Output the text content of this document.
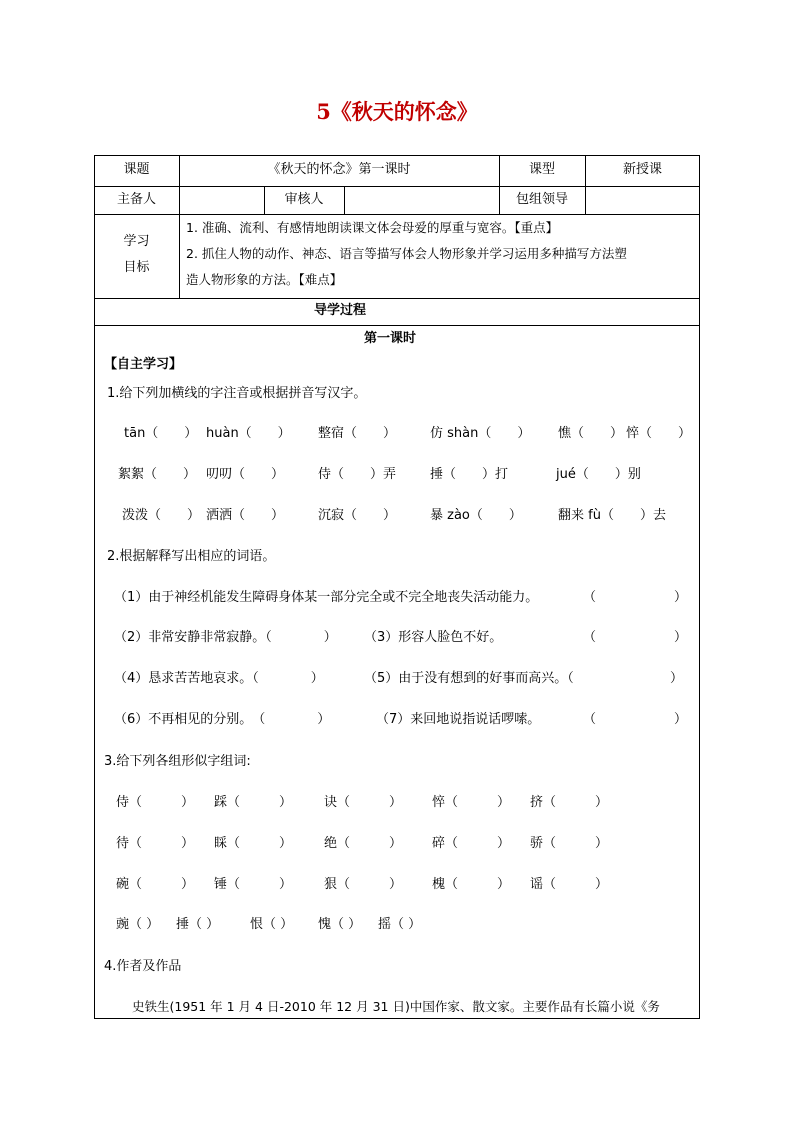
5《秋天的怀念》
课题	《秋天的怀念》第一课时	课型	新授课
主备人	审核人	包组领导
学习
目标
1. 准确、流利、有感情地朗读课文体会母爱的厚重与宽容。【重点】
2. 抓住人物的动作、神态、语言等描写体会人物形象并学习运用多种描写方法塑
造人物形象的方法。【难点】
导学过程
第一课时
【自主学习】
1.给下列加横线的字注音或根据拼音写汉字。
tān（　　） huàn（　　） 整宿（　　）	仿 shàn（　　） 憔（　　） 悴（　　）
絮絮（　　） 叨叨（　　）	侍（　　）弄	捶（　　）打	jué（　　）别
泼泼（　　） 洒洒（　　）	沉寂（　　）	暴 zào（　　）	翻来 fù（　　）去
2.根据解释写出相应的词语。
（1）由于神经机能发生障碍身体某一部分完全或不完全地丧失活动能力。	（　　　　　　）
（2）非常安静非常寂静。（　　　　） （3）形容人脸色不好。	（　　　　　　）
（4）恳求苦苦地哀求。（　　　　）	（5）由于没有想到的好事而高兴。（	）
（6）不再相见的分别。　（　　　　）	（7）来回地说指说话啰嗦。	（　　　　　　）
3.给下列各组形似字组词:
侍（　　　） 踩（　　　） 诀（　　　） 悴（　　　） 挤（　　　）
待（　　　） 睬（　　　） 绝（　　　） 碎（　　　） 骄（　　　）
碗（　　　） 锤（　　　） 狠（　　　） 槐（　　　） 谣（　　　）
豌（ ） 捶（ ） 恨（ ） 愧（ ） 摇（ ）
4.作者及作品
史铁生(1951 年 1 月 4 日-2010 年 12 月 31 日)中国作家、散文家。主要作品有长篇小说《务
